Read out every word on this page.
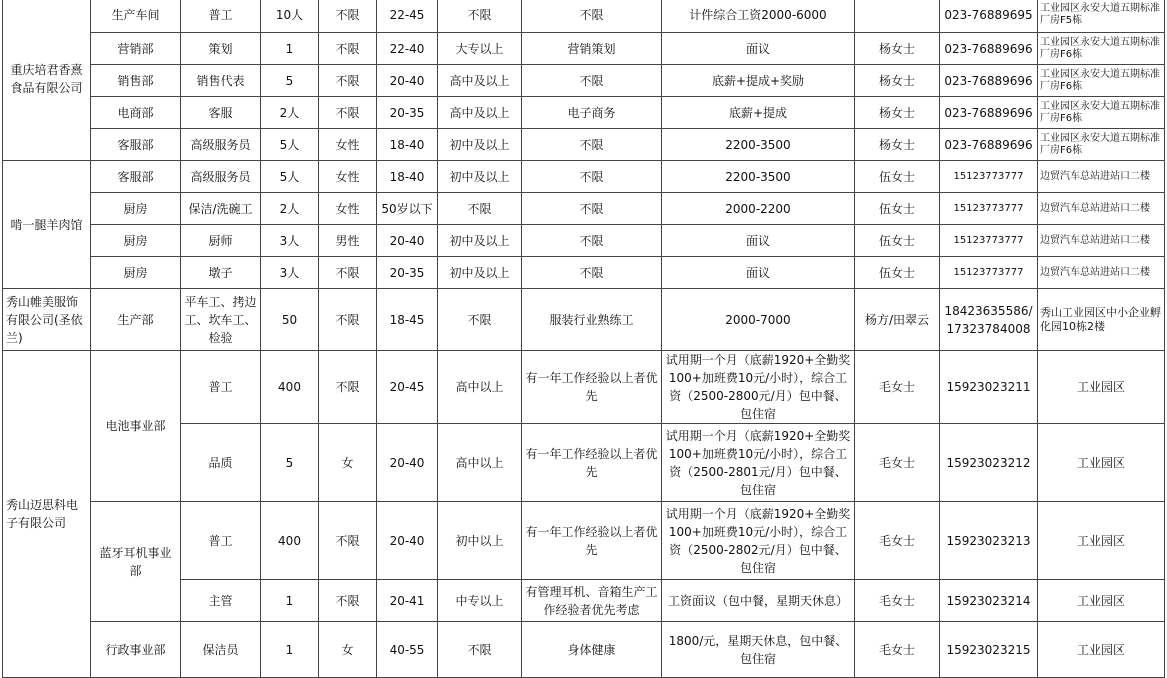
重庆培君香熹食品有限公司	生产车间	普工	10人	不限	22-45	不限	不限	计件综合工资2000-6000		023-76889695	工业园区永安大道五期标准厂房F5栋
	营销部	策划	1	不限	22-40	大专以上	营销策划	面议	杨女士	023-76889696	工业园区永安大道五期标准厂房F6栋
	销售部	销售代表	5	不限	20-40	高中及以上	不限	底薪+提成+奖励	杨女士	023-76889696	工业园区永安大道五期标准厂房F6栋
	电商部	客服	2人	不限	20-35	高中及以上	电子商务	底薪+提成	杨女士	023-76889696	工业园区永安大道五期标准厂房F6栋
	客服部	高级服务员	5人	女性	18-40	初中及以上	不限	2200-3500	杨女士	023-76889696	工业园区永安大道五期标准厂房F6栋
啃一腿羊肉馆	客服部	高级服务员	5人	女性	18-40	初中及以上	不限	2200-3500	伍女士	15123773777	边贸汽车总站进站口二楼
	厨房	保洁/洗碗工	2人	女性	50岁以下	不限	不限	2000-2200	伍女士	15123773777	边贸汽车总站进站口二楼
	厨房	厨师	3人	男性	20-40	初中及以上	不限	面议	伍女士	15123773777	边贸汽车总站进站口二楼
	厨房	墩子	3人	不限	20-35	初中及以上	不限	面议	伍女士	15123773777	边贸汽车总站进站口二楼
秀山帷美服饰有限公司(圣依兰)	生产部	平车工、拷边工、坎车工、检验	50	不限	18-45	不限	服装行业熟练工	2000-7000	杨方/田翠云	18423635586/17323784008	秀山工业园区中小企业孵化园10栋2楼
秀山迈思科电子有限公司	电池事业部	普工	400	不限	20-45	高中以上	有一年工作经验以上者优先	试用期一个月（底薪1920+全勤奖100+加班费10元/小时），综合工资（2500-2800元/月）包中餐、包住宿	毛女士	15923023211	工业园区
		品质	5	女	20-40	高中以上	有一年工作经验以上者优先	试用期一个月（底薪1920+全勤奖100+加班费10元/小时），综合工资（2500-2801元/月）包中餐、包住宿	毛女士	15923023212	工业园区
	蓝牙耳机事业部	普工	400	不限	20-40	初中以上	有一年工作经验以上者优先	试用期一个月（底薪1920+全勤奖100+加班费10元/小时），综合工资（2500-2802元/月）包中餐、包住宿	毛女士	15923023213	工业园区
		主管	1	不限	20-41	中专以上	有管理耳机、音箱生产工作经验者优先考虑	工资面议（包中餐，星期天休息）	毛女士	15923023214	工业园区
	行政事业部	保洁员	1	女	40-55	不限	身体健康	1800/元，星期天休息，包中餐、包住宿	毛女士	15923023215	工业园区
